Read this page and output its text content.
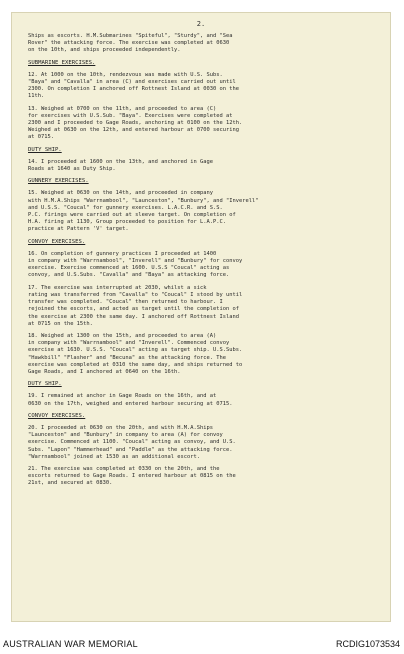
2.
Ships as escorts. H.M.Submarines "Spiteful", "Sturdy", and "Sea
Rover" the attacking force. The exercise was completed at 0630
on the 10th, and ships proceeded independently.
SUBMARINE EXERCISES.
12. At 1000 on the 10th, rendezvous was made with U.S. Subs.
"Baya" and "Cavalla" in area (C) and exercises carried out until
2300. On completion I anchored off Rottnest Island at 0030 on the
11th.
13. Weighed at 0700 on the 11th, and proceeded to area (C)
for exercises with U.S.Sub. "Baya". Exercises were completed at
2300 and I proceeded to Gage Roads, anchoring at 0100 on the 12th.
Weighed at 0630 on the 12th, and entered harbour at 0700 securing
at 0715.
DUTY SHIP.
14. I proceeded at 1600 on the 13th, and anchored in Gage
Roads at 1640 as Duty Ship.
GUNNERY EXERCISES.
15. Weighed at 0630 on the 14th, and proceeded in company
with H.M.A.Ships "Warrnambool", "Launceston", "Bunbury", and "Inverell"
and U.S.S. "Coucal" for gunnery exercises. L.A.C.R. and S.S.
P.C. firings were carried out at sleeve target. On completion of
H.A. firing at 1130, Group proceeded to position for L.A.P.C.
practice at Pattern 'V' target.
CONVOY EXERCISES.
16. On completion of gunnery practices I proceeded at 1400
in company with "Warrnambool", "Inverell" and "Bunbury" for convoy
exercise. Exercise commenced at 1600. U.S.S "Coucal" acting as
convoy, and U.S.Subs. "Cavalla" and "Baya" as attacking force.
17. The exercise was interrupted at 2030, whilst a sick
rating was transferred from "Cavalla" to "Coucal" I stood by until
transfer was completed. "Coucal" then returned to harbour. I
rejoined the escorts, and acted as target until the completion of
the exercise at 2300 the same day. I anchored off Rottnest Island
at 0715 on the 15th.
18. Weighed at 1300 on the 15th, and proceeded to area (A)
in company with "Warrnambool" and "Inverell". Commenced convoy
exercise at 1630. U.S.S. "Coucal" acting as target ship. U.S.Subs.
"Hawkbill" "Flasher" and "Becuna" as the attacking force. The
exercise was completed at 0310 the same day, and ships returned to
Gage Roads, and I anchored at 0640 on the 16th.
DUTY SHIP.
19. I remained at anchor in Gage Roads on the 16th, and at
0630 on the 17th, weighed and entered harbour securing at 0715.
CONVOY EXERCISES.
20. I proceeded at 0630 on the 20th, and with H.M.A.Ships
"Launceston" and "Bunbury" in company to area (A) for convoy
exercise. Commenced at 1100. "Coucal" acting as convoy, and U.S.
Subs. "Lapon" "Hammerhead" and "Paddle" as the attacking force.
"Warrnambool" joined at 1530 as an additional escort.
21. The exercise was completed at 0330 on the 20th, and the
escorts returned to Gage Roads. I entered harbour at 0815 on the
21st, and secured at 0830.
AUSTRALIAN WAR MEMORIAL	RCDIG1073534
